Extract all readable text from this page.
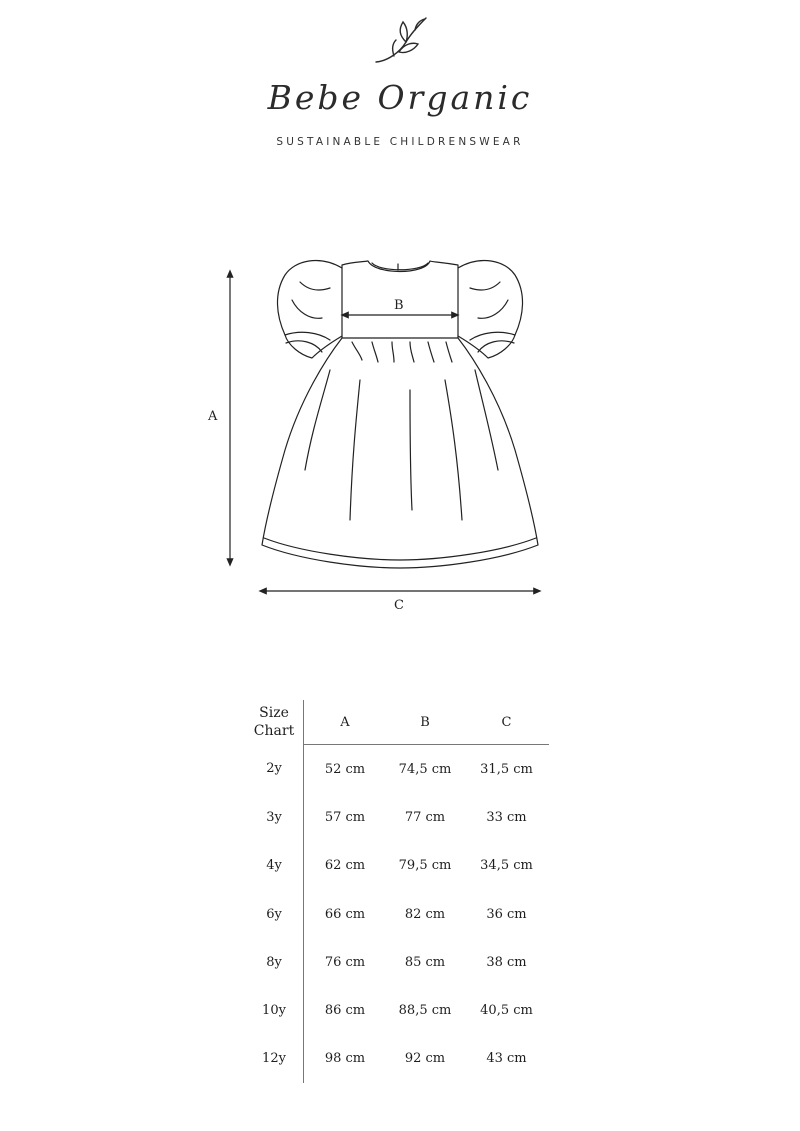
Bebe Organic
SUSTAINABLE CHILDRENSWEAR
A
B
C
Size
Chart	A	B	C
2y	52 cm	74,5 cm	31,5 cm
3y	57 cm	77 cm	33 cm
4y	62 cm	79,5 cm	34,5 cm
6y	66 cm	82 cm	36 cm
8y	76 cm	85 cm	38 cm
10y	86 cm	88,5 cm	40,5 cm
12y	98 cm	92 cm	43 cm
